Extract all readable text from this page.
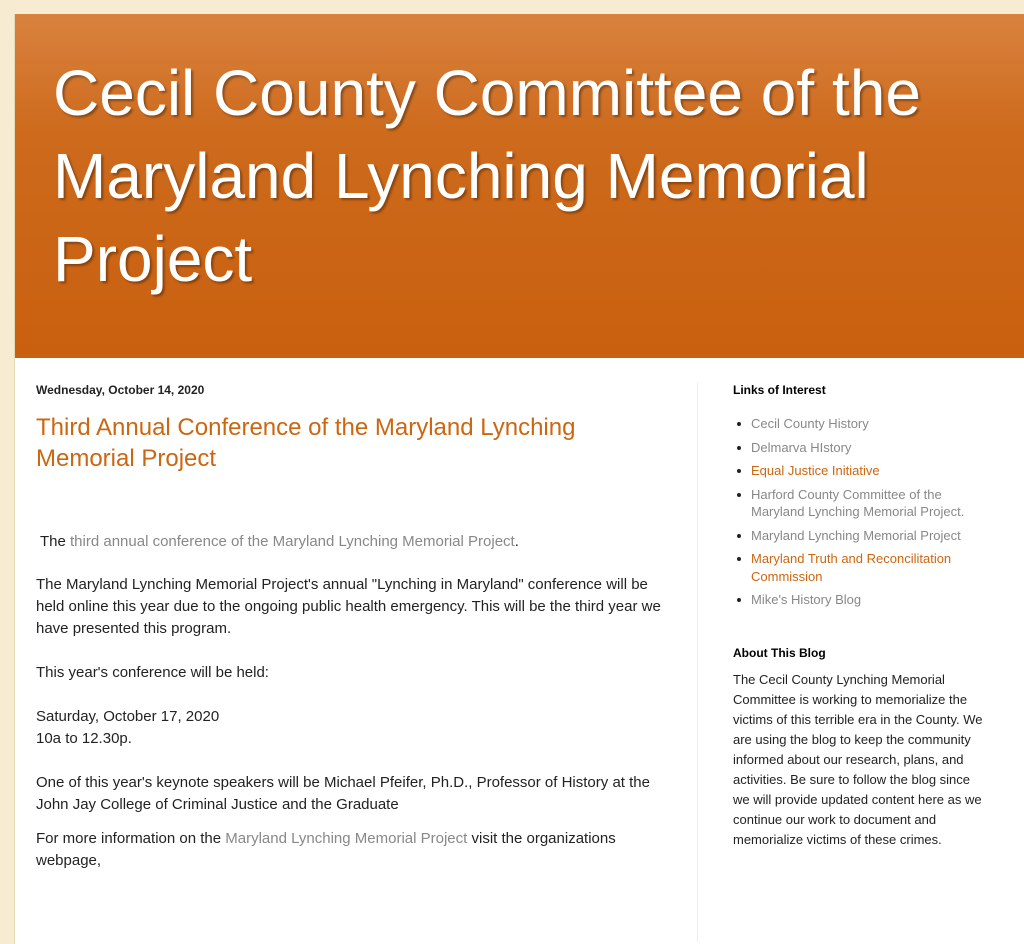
Cecil County Committee of the Maryland Lynching Memorial Project
Wednesday, October 14, 2020
Third Annual Conference of the Maryland Lynching Memorial Project

The third annual conference of the Maryland Lynching Memorial Project.

The Maryland Lynching Memorial Project's annual "Lynching in Maryland" conference will be held online this year due to the ongoing public health emergency. This will be the third year we have presented this program.

This year's conference will be held:

Saturday, October 17, 2020

10a to 12.30p.

One of this year's keynote speakers will be Michael Pfeifer, Ph.D., Professor of History at the John Jay College of Criminal Justice and the Graduate

For more information on the Maryland Lynching Memorial Project visit the organizations webpage,

Links of Interest
Cecil County History
Delmarva HIstory
Equal Justice Initiative
Harford County Committee of the Maryland Lynching Memorial Project.
Maryland Lynching Memorial Project
Maryland Truth and Reconcilitation Commission
Mike's History Blog
About This Blog

The Cecil County Lynching Memorial Committee is working to memorialize the victims of this terrible era in the County. We are using the blog to keep the community informed about our research, plans, and activities. Be sure to follow the blog since we will provide updated content here as we continue our work to document and memorialize victims of these crimes.
